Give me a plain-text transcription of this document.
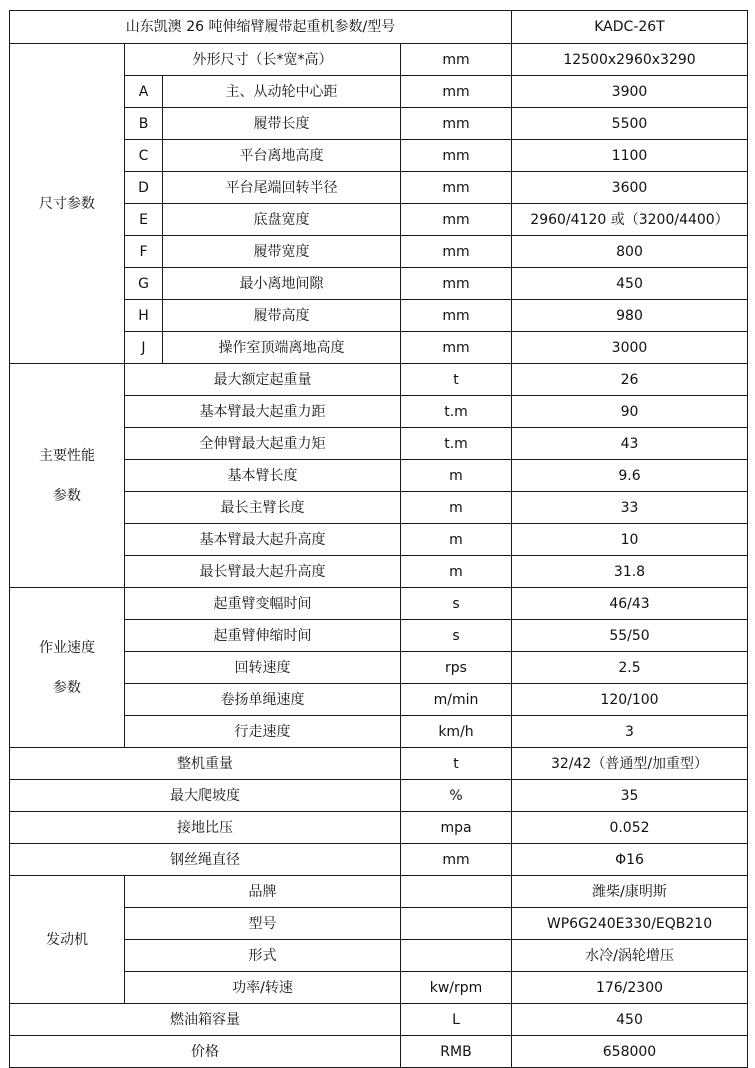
山东凯澳 26 吨伸缩臂履带起重机参数/型号				KADC-26T

尺寸参数	外形尺寸（长*宽*高）		mm	12500x2960x3290
	A	主、从动轮中心距	mm	3900
	B	履带长度	mm	5500
	C	平台离地高度	mm	1100
	D	平台尾端回转半径	mm	3600
	E	底盘宽度	mm	2960/4120 或（3200/4400）
	F	履带宽度	mm	800
	G	最小离地间隙	mm	450
	H	履带高度	mm	980
	J	操作室顶端离地高度	mm	3000

主要性能
参数	最大额定起重量		t	26
	基本臂最大起重力距		t.m	90
	全伸臂最大起重力矩		t.m	43
	基本臂长度		m	9.6
	最长主臂长度		m	33
	基本臂最大起升高度		m	10
	最长臂最大起升高度		m	31.8

作业速度
参数	起重臂变幅时间		s	46/43
	起重臂伸缩时间		s	55/50
	回转速度		rps	2.5
	卷扬单绳速度		m/min	120/100
	行走速度		km/h	3
整机重量			t	32/42（普通型/加重型）
最大爬坡度			%	35
接地比压			mpa	0.052
钢丝绳直径			mm	Φ16

发动机	品牌			潍柴/康明斯
	型号			WP6G240E330/EQB210
	形式			水冷/涡轮增压
	功率/转速		kw/rpm	176/2300
燃油箱容量			L	450
价格			RMB	658000
